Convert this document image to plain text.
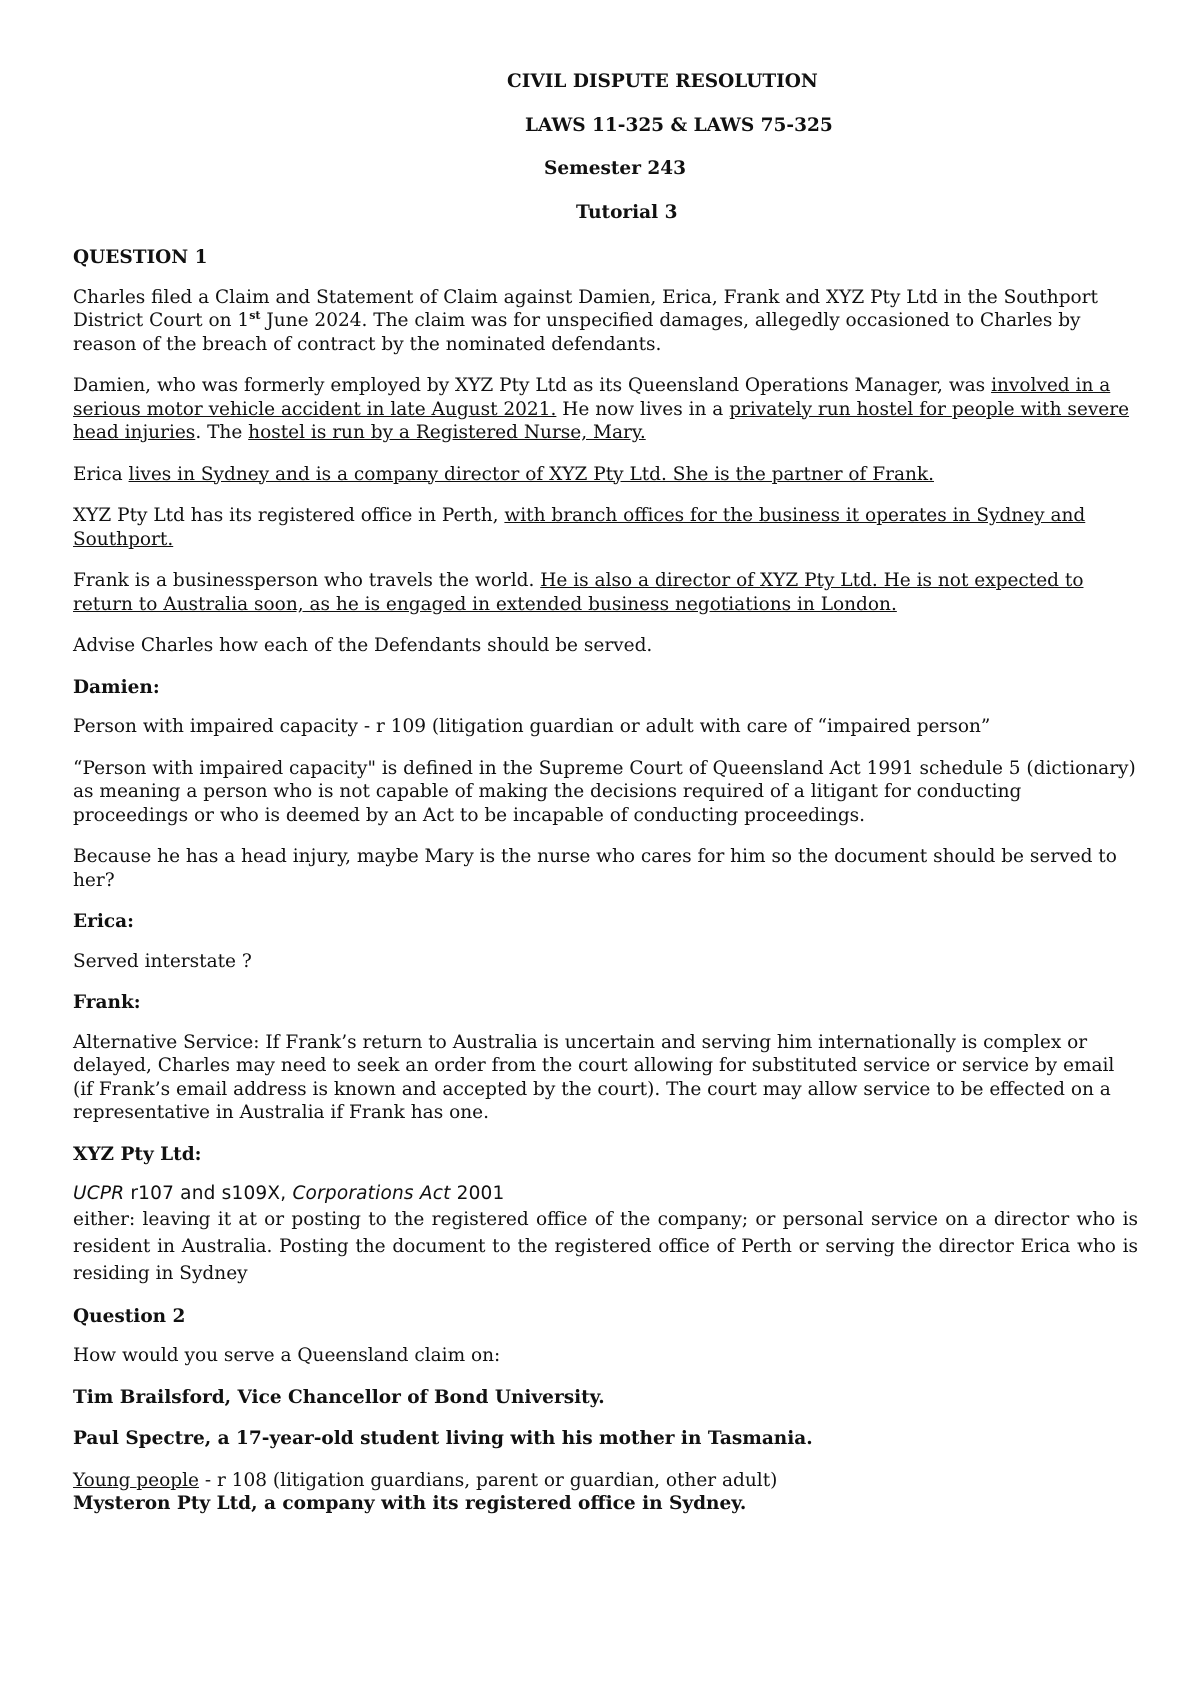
CIVIL DISPUTE RESOLUTION
LAWS 11-325 & LAWS 75-325
Semester 243
Tutorial 3
QUESTION 1

Charles filed a Claim and Statement of Claim against Damien, Erica, Frank and XYZ Pty Ltd in the Southport District Court on 1st June 2024. The claim was for unspecified damages, allegedly occasioned to Charles by reason of the breach of contract by the nominated defendants.

Damien, who was formerly employed by XYZ Pty Ltd as its Queensland Operations Manager, was involved in a serious motor vehicle accident in late August 2021. He now lives in a privately run hostel for people with severe head injuries. The hostel is run by a Registered Nurse, Mary.

Erica lives in Sydney and is a company director of XYZ Pty Ltd. She is the partner of Frank.

XYZ Pty Ltd has its registered office in Perth, with branch offices for the business it operates in Sydney and Southport.

Frank is a businessperson who travels the world. He is also a director of XYZ Pty Ltd. He is not expected to return to Australia soon, as he is engaged in extended business negotiations in London.

Advise Charles how each of the Defendants should be served.

Damien:

Person with impaired capacity - r 109 (litigation guardian or adult with care of “impaired person”

“Person with impaired capacity" is defined in the Supreme Court of Queensland Act 1991 schedule 5 (dictionary) as meaning a person who is not capable of making the decisions required of a litigant for conducting proceedings or who is deemed by an Act to be incapable of conducting proceedings.

Because he has a head injury, maybe Mary is the nurse who cares for him so the document should be served to her?

Erica:

Served interstate ?

Frank:

Alternative Service: If Frank’s return to Australia is uncertain and serving him internationally is complex or delayed, Charles may need to seek an order from the court allowing for substituted service or service by email (if Frank’s email address is known and accepted by the court). The court may allow service to be effected on a representative in Australia if Frank has one.

XYZ Pty Ltd:

UCPR r107 and s109X, Corporations Act 2001

either: leaving it at or posting to the registered office of the company; or personal service on a director who is resident in Australia. Posting the document to the registered office of Perth or serving the director Erica who is residing in Sydney

Question 2

How would you serve a Queensland claim on:

Tim Brailsford, Vice Chancellor of Bond University.

Paul Spectre, a 17-year-old student living with his mother in Tasmania.

Young people - r 108 (litigation guardians, parent or guardian, other adult)

Mysteron Pty Ltd, a company with its registered office in Sydney.
